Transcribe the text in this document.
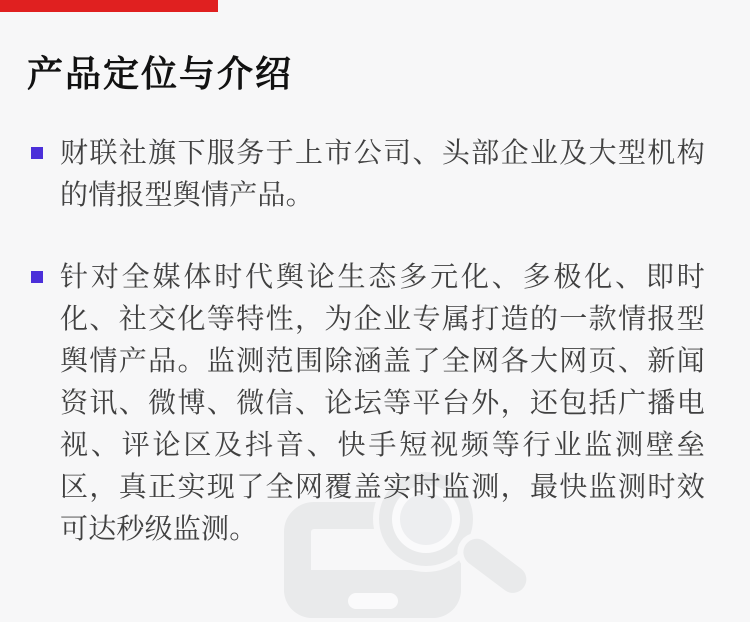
产品定位与介绍

财联社旗下服务于上市公司、头部企业及大型机构的情报型舆情产品。

针对全媒体时代舆论生态多元化、多极化、即时化、社交化等特性，为企业专属打造的一款情报型舆情产品。监测范围除涵盖了全网各大网页、新闻资讯、微博、微信、论坛等平台外，还包括广播电视、评论区及抖音、快手短视频等行业监测壁垒区，真正实现了全网覆盖实时监测，最快监测时效可达秒级监测。
